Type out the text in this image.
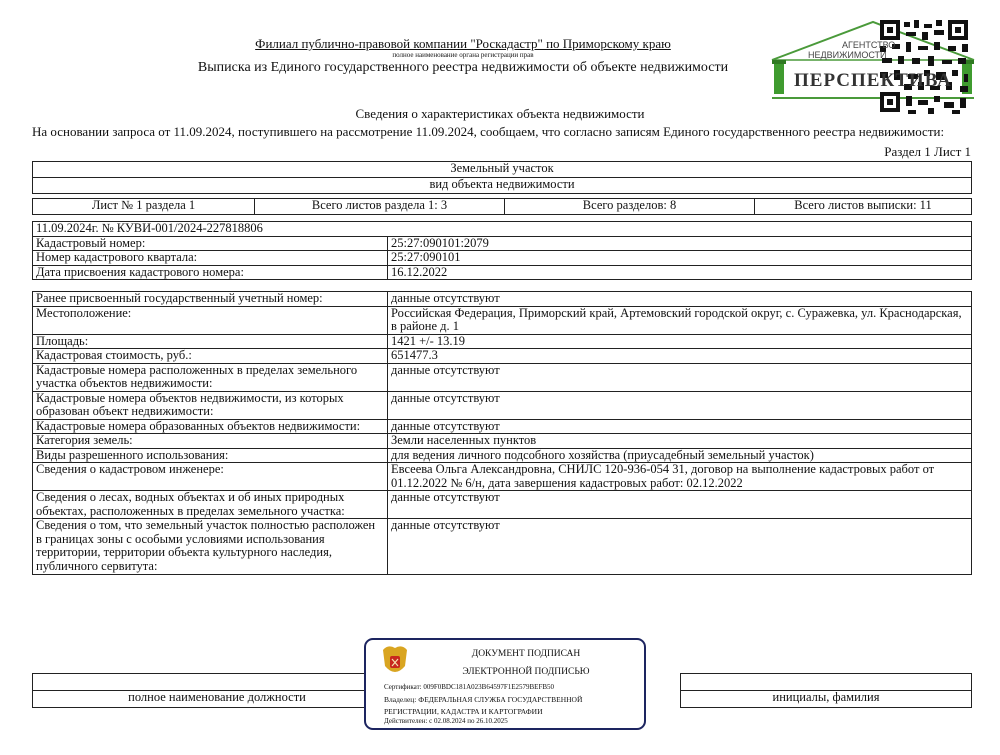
Филиал публично-правовой компании "Роскадастр" по Приморскому краю
полное наименование органа регистрации прав
Выписка из Единого государственного реестра недвижимости об объекте недвижимости
АГЕНТСТВО
НЕДВИЖИМОСТИ
ПЕРСПЕКТИВА
Сведения о характеристиках объекта недвижимости
На основании запроса от 11.09.2024, поступившего на рассмотрение 11.09.2024, сообщаем, что согласно записям Единого государственного реестра недвижимости:
Раздел 1 Лист 1
Земельный участок
вид объекта недвижимости
Лист № 1 раздела 1	Всего листов раздела 1: 3	Всего разделов: 8	Всего листов выписки: 11
11.09.2024г. № КУВИ-001/2024-227818806	
Кадастровый номер:	25:27:090101:2079
Номер кадастрового квартала:	25:27:090101
Дата присвоения кадастрового номера:	16.12.2022
Ранее присвоенный государственный учетный номер:	данные отсутствуют
Местоположение:	Российская Федерация, Приморский край, Артемовский городской округ, с. Суражевка, ул. Краснодарская, в районе д. 1
Площадь:	1421 +/- 13.19
Кадастровая стоимость, руб.:	651477.3
Кадастровые номера расположенных в пределах земельного участка объектов недвижимости:	данные отсутствуют
Кадастровые номера объектов недвижимости, из которых образован объект недвижимости:	данные отсутствуют
Кадастровые номера образованных объектов недвижимости:	данные отсутствуют
Категория земель:	Земли населенных пунктов
Виды разрешенного использования:	для ведения личного подсобного хозяйства (приусадебный земельный участок)
Сведения о кадастровом инженере:	Евсеева Ольга Александровна, СНИЛС 120-936-054 31, договор на выполнение кадастровых работ от 01.12.2022 № 6/н, дата завершения кадастровых работ: 02.12.2022
Сведения о лесах, водных объектах и об иных природных объектах, расположенных в пределах земельного участка:	данные отсутствуют
Сведения о том, что земельный участок полностью расположен в границах зоны с особыми условиями использования территории, территории объекта культурного наследия, публичного сервитута:	данные отсутствуют

полное наименование должности		инициалы, фамилия
ДОКУМЕНТ ПОДПИСАН
ЭЛЕКТРОННОЙ ПОДПИСЬЮ
Сертификат: 009F0BDC181A023B64597F1E2579BEFB50
Владелец: ФЕДЕРАЛЬНАЯ СЛУЖБА ГОСУДАРСТВЕННОЙ
РЕГИСТРАЦИИ, КАДАСТРА И КАРТОГРАФИИ
Действителен: с 02.08.2024 по 26.10.2025
